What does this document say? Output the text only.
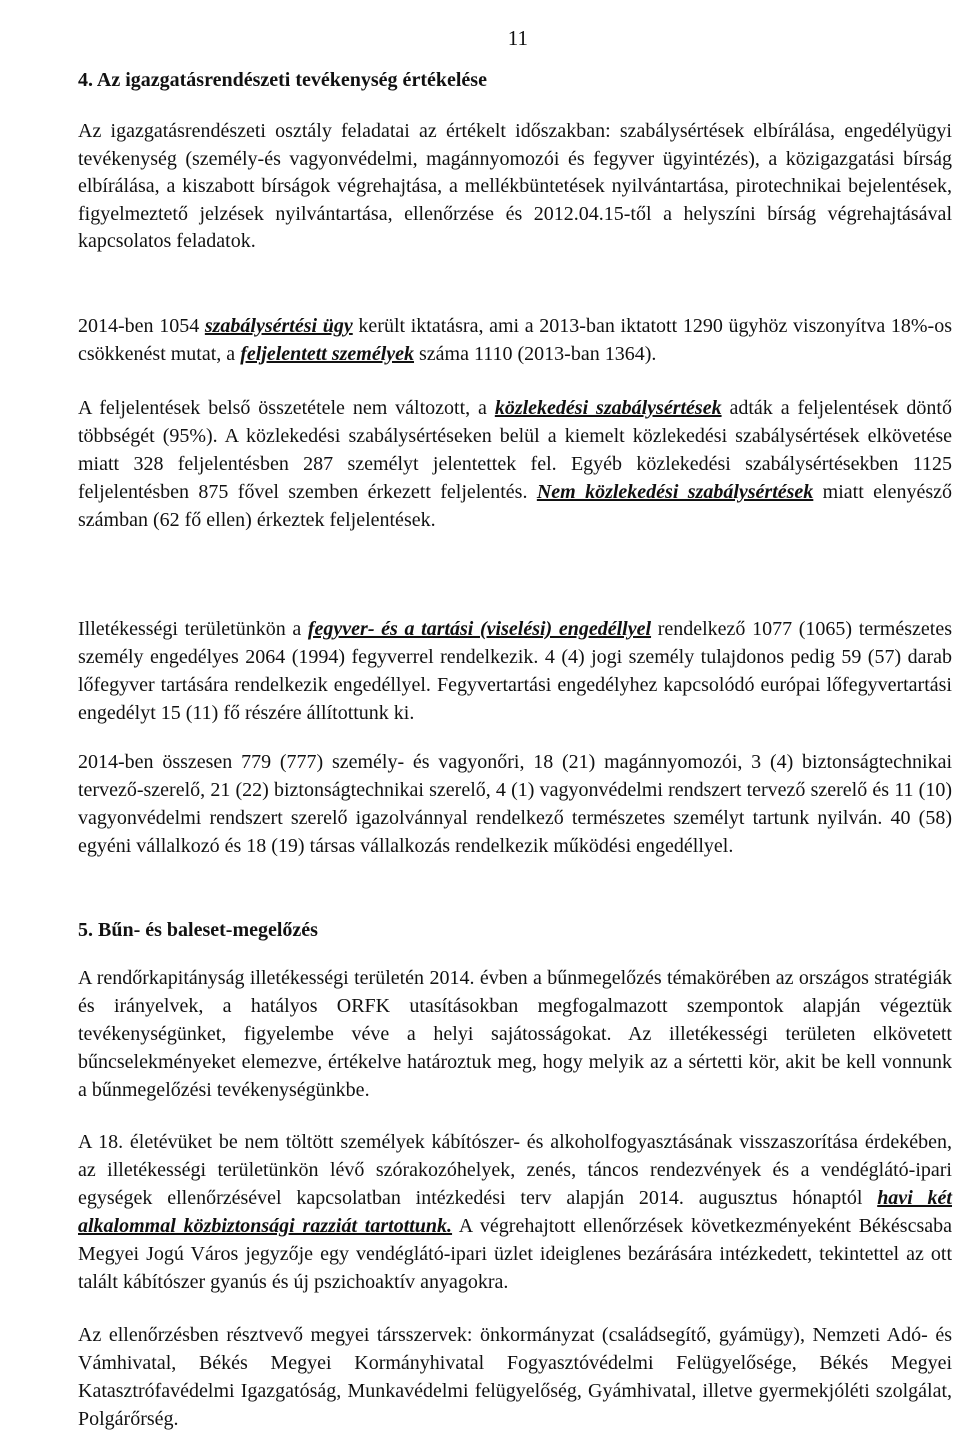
11
4. Az igazgatásrendészeti tevékenység értékelése

Az igazgatásrendészeti osztály feladatai az értékelt időszakban: szabálysértések elbírálása, engedélyügyi tevékenység (személy-és vagyonvédelmi, magánnyomozói és fegyver ügyintézés), a közigazgatási bírság elbírálása, a kiszabott bírságok végrehajtása, a mellékbüntetések nyilvántartása, pirotechnikai bejelentések, figyelmeztető jelzések nyilvántartása, ellenőrzése és 2012.04.15-től a helyszíni bírság végrehajtásával kapcsolatos feladatok.

2014-ben 1054 szabálysértési ügy került iktatásra, ami a 2013-ban iktatott 1290 ügyhöz viszonyítva 18%-os csökkenést mutat, a feljelentett személyek száma 1110 (2013-ban 1364).

A feljelentések belső összetétele nem változott, a közlekedési szabálysértések adták a feljelentések döntő többségét (95%). A közlekedési szabálysértéseken belül a kiemelt közlekedési szabálysértések elkövetése miatt 328 feljelentésben 287 személyt jelentettek fel. Egyéb közlekedési szabálysértésekben 1125 feljelentésben 875 fővel szemben érkezett feljelentés. Nem közlekedési szabálysértések miatt elenyésző számban (62 fő ellen) érkeztek feljelentések.

Illetékességi területünkön a fegyver- és a tartási (viselési) engedéllyel rendelkező 1077 (1065) természetes személy engedélyes 2064 (1994) fegyverrel rendelkezik. 4 (4) jogi személy tulajdonos pedig 59 (57) darab lőfegyver tartására rendelkezik engedéllyel. Fegyvertartási engedélyhez kapcsolódó európai lőfegyvertartási engedélyt 15 (11) fő részére állítottunk ki.

2014-ben összesen 779 (777) személy- és vagyonőri, 18 (21) magánnyomozói, 3 (4) biztonságtechnikai tervező-szerelő, 21 (22) biztonságtechnikai szerelő, 4 (1) vagyonvédelmi rendszert tervező szerelő és 11 (10) vagyonvédelmi rendszert szerelő igazolvánnyal rendelkező természetes személyt tartunk nyilván. 40 (58) egyéni vállalkozó és 18 (19) társas vállalkozás rendelkezik működési engedéllyel.

5. Bűn- és baleset-megelőzés

A rendőrkapitányság illetékességi területén 2014. évben a bűnmegelőzés témakörében az országos stratégiák és irányelvek, a hatályos ORFK utasításokban megfogalmazott szempontok alapján végeztük tevékenységünket, figyelembe véve a helyi sajátosságokat. Az illetékességi területen elkövetett bűncselekményeket elemezve, értékelve határoztuk meg, hogy melyik az a sértetti kör, akit be kell vonnunk a bűnmegelőzési tevékenységünkbe.

A 18. életévüket be nem töltött személyek kábítószer- és alkoholfogyasztásának visszaszorítása érdekében, az illetékességi területünkön lévő szórakozóhelyek, zenés, táncos rendezvények és a vendéglátó-ipari egységek ellenőrzésével kapcsolatban intézkedési terv alapján 2014. augusztus hónaptól havi két alkalommal közbiztonsági razziát tartottunk. A végrehajtott ellenőrzések következményeként Békéscsaba Megyei Jogú Város jegyzője egy vendéglátó-ipari üzlet ideiglenes bezárására intézkedett, tekintettel az ott talált kábítószer gyanús és új pszichoaktív anyagokra.

Az ellenőrzésben résztvevő megyei társszervek: önkormányzat (családsegítő, gyámügy), Nemzeti Adó- és Vámhivatal, Békés Megyei Kormányhivatal Fogyasztóvédelmi Felügyelősége, Békés Megyei Katasztrófavédelmi Igazgatóság, Munkavédelmi felügyelőség, Gyámhivatal, illetve gyermekjóléti szolgálat, Polgárőrség.
